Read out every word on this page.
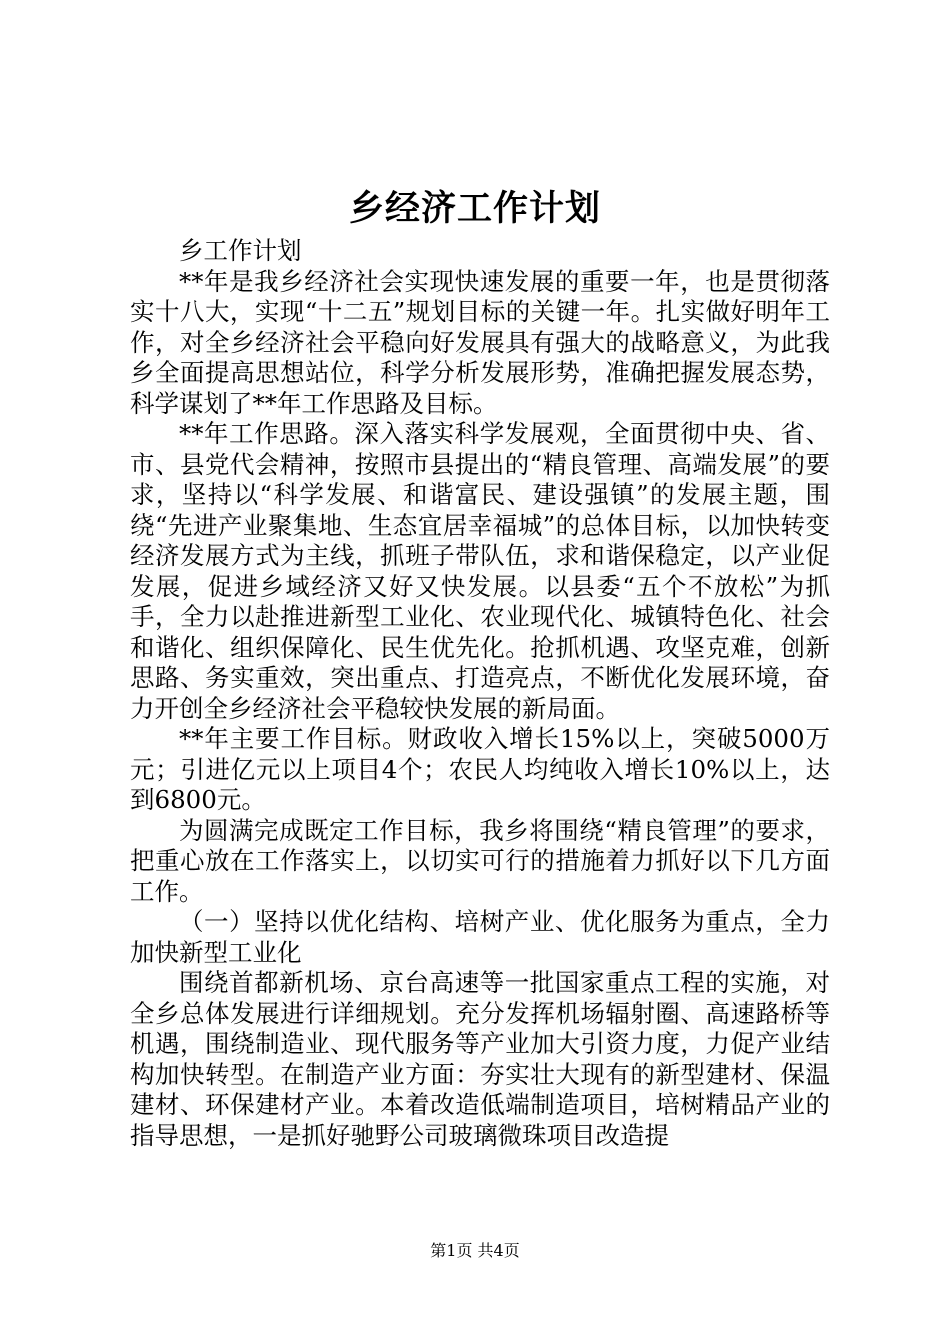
乡经济工作计划

乡工作计划

**年是我乡经济社会实现快速发展的重要一年，也是贯彻落实十八大，实现“十二五”规划目标的关键一年。扎实做好明年工作，对全乡经济社会平稳向好发展具有强大的战略意义，为此我乡全面提高思想站位，科学分析发展形势，准确把握发展态势，科学谋划了**年工作思路及目标。

**年工作思路。深入落实科学发展观，全面贯彻中央、省、市、县党代会精神，按照市县提出的“精良管理、高端发展”的要求，坚持以“科学发展、和谐富民、建设强镇”的发展主题，围绕“先进产业聚集地、生态宜居幸福城”的总体目标，以加快转变经济发展方式为主线，抓班子带队伍，求和谐保稳定，以产业促发展，促进乡域经济又好又快发展。以县委“五个不放松”为抓手，全力以赴推进新型工业化、农业现代化、城镇特色化、社会和谐化、组织保障化、民生优先化。抢抓机遇、攻坚克难，创新思路、务实重效，突出重点、打造亮点，不断优化发展环境，奋力开创全乡经济社会平稳较快发展的新局面。

**年主要工作目标。财政收入增长15%以上，突破5000万元；引进亿元以上项目4个；农民人均纯收入增长10%以上，达到6800元。

为圆满完成既定工作目标，我乡将围绕“精良管理”的要求，把重心放在工作落实上，以切实可行的措施着力抓好以下几方面工作。

（一）坚持以优化结构、培树产业、优化服务为重点，全力加快新型工业化

围绕首都新机场、京台高速等一批国家重点工程的实施，对全乡总体发展进行详细规划。充分发挥机场辐射圈、高速路桥等机遇，围绕制造业、现代服务等产业加大引资力度，力促产业结构加快转型。在制造产业方面：夯实壮大现有的新型建材、保温建材、环保建材产业。本着改造低端制造项目，培树精品产业的指导思想，一是抓好驰野公司玻璃微珠项目改造提

第1页 共4页
